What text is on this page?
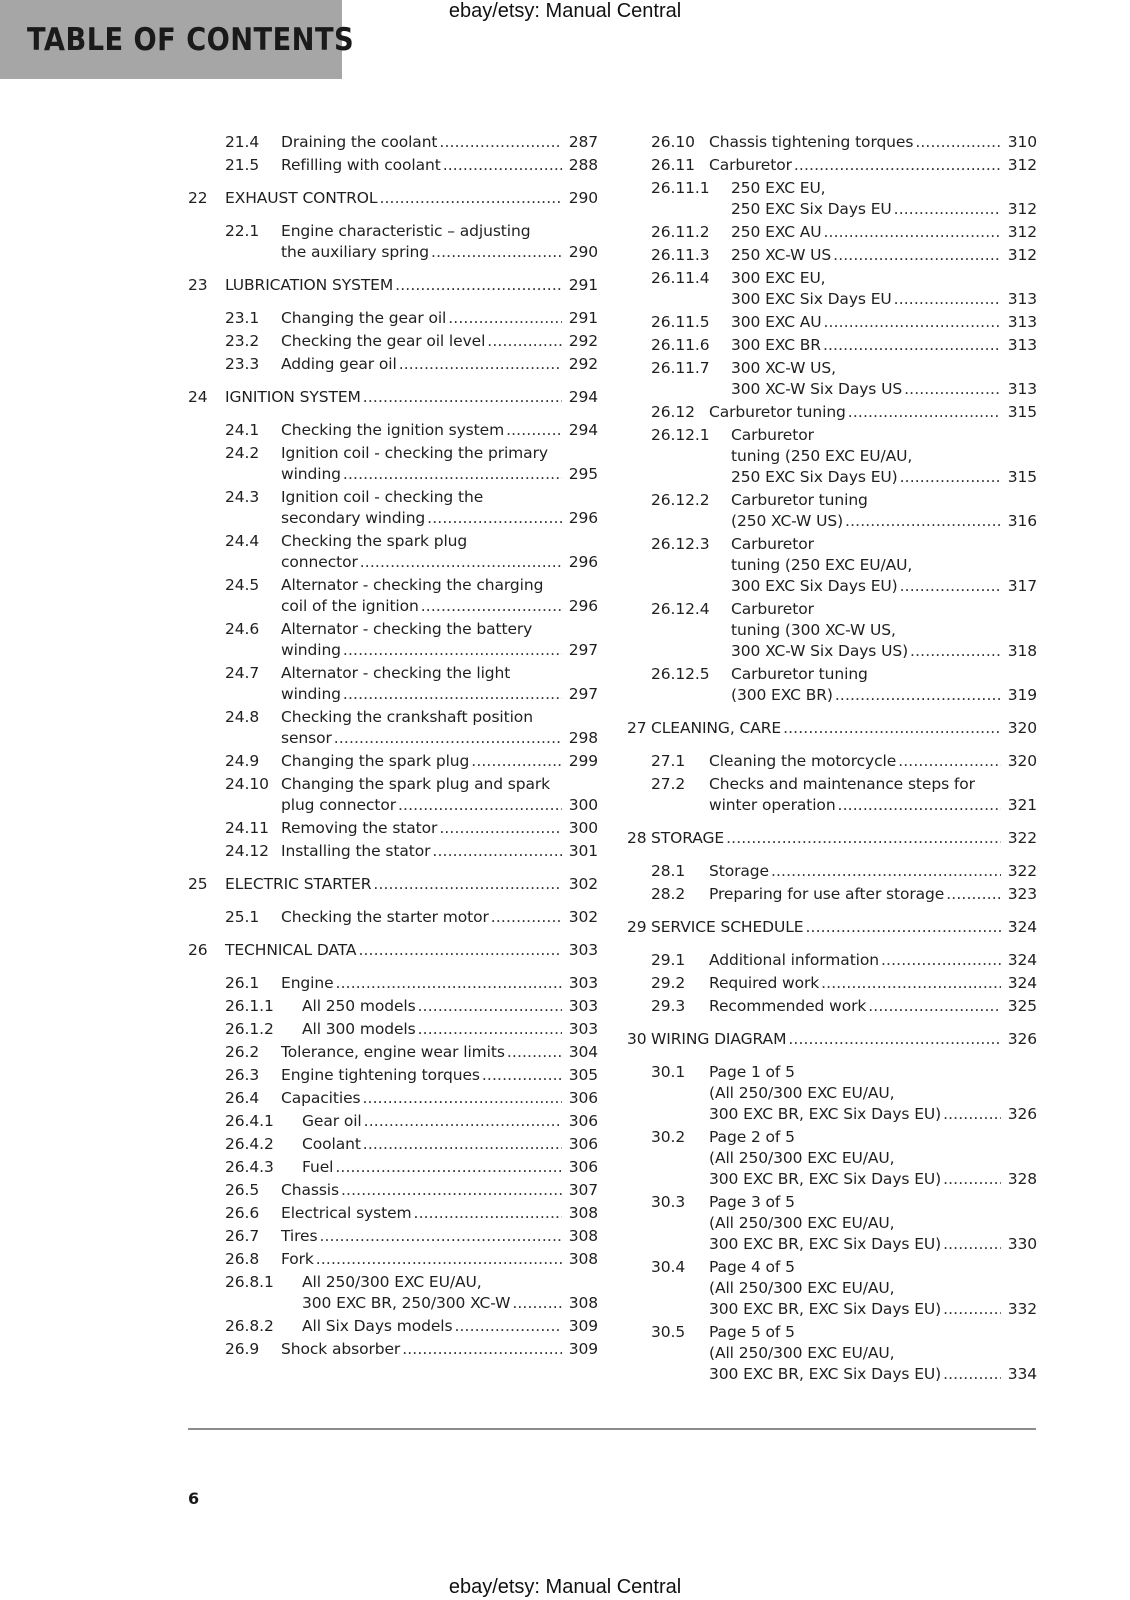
TABLE OF CONTENTS
ebay/etsy: Manual Central
21.4 Draining the coolant . . .	287
21.5 Refilling with coolant . . .	288
22 EXHAUST CONTROL . . .	290
22.1 Engine characteristic – adjusting
the auxiliary spring . . .	290
23 LUBRICATION SYSTEM . . .	291
23.1 Changing the gear oil . . .	291
23.2 Checking the gear oil level . . .	292
23.3 Adding gear oil . . .	292
24 IGNITION SYSTEM . . .	294
24.1 Checking the ignition system . . .	294
24.2 Ignition coil - checking the primary
winding . . .	295
24.3 Ignition coil - checking the
secondary winding . . .	296
24.4 Checking the spark plug
connector . . .	296
24.5 Alternator - checking the charging
coil of the ignition . . .	296
24.6 Alternator - checking the battery
winding . . .	297
24.7 Alternator - checking the light
winding . . .	297
24.8 Checking the crankshaft position
sensor . . .	298
24.9 Changing the spark plug . . .	299
24.10 Changing the spark plug and spark
plug connector . . .	300
24.11 Removing the stator . . .	300
24.12 Installing the stator . . .	301
25 ELECTRIC STARTER . . .	302
25.1 Checking the starter motor . . .	302
26 TECHNICAL DATA . . .	303
26.1 Engine . . .	303
26.1.1 All 250 models . . .	303
26.1.2 All 300 models . . .	303
26.2 Tolerance, engine wear limits . . .	304
26.3 Engine tightening torques . . .	305
26.4 Capacities . . .	306
26.4.1 Gear oil . . .	306
26.4.2 Coolant . . .	306
26.4.3 Fuel . . .	306
26.5 Chassis . . .	307
26.6 Electrical system . . .	308
26.7 Tires . . .	308
26.8 Fork . . .	308
26.8.1 All 250/300 EXC EU/AU,
300 EXC BR, 250/300 XC-W . . .	308
26.8.2 All Six Days models . . .	309
26.9 Shock absorber . . .	309
26.10 Chassis tightening torques . . .	310
26.11 Carburetor . . .	312
26.11.1 250 EXC EU,
250 EXC Six Days EU . . .	312
26.11.2 250 EXC AU . . .	312
26.11.3 250 XC-W US . . .	312
26.11.4 300 EXC EU,
300 EXC Six Days EU . . .	313
26.11.5 300 EXC AU . . .	313
26.11.6 300 EXC BR . . .	313
26.11.7 300 XC-W US,
300 XC-W Six Days US . . .	313
26.12 Carburetor tuning . . .	315
26.12.1 Carburetor
tuning (250 EXC EU/AU,
250 EXC Six Days EU) . . .	315
26.12.2 Carburetor tuning
(250 XC-W US) . . .	316
26.12.3 Carburetor
tuning (250 EXC EU/AU,
300 EXC Six Days EU) . . .	317
26.12.4 Carburetor
tuning (300 XC-W US,
300 XC-W Six Days US) . . .	318
26.12.5 Carburetor tuning
(300 EXC BR) . . .	319
27 CLEANING, CARE . . .	320
27.1 Cleaning the motorcycle . . .	320
27.2 Checks and maintenance steps for
winter operation . . .	321
28 STORAGE . . .	322
28.1 Storage . . .	322
28.2 Preparing for use after storage . . .	323
29 SERVICE SCHEDULE . . .	324
29.1 Additional information . . .	324
29.2 Required work . . .	324
29.3 Recommended work . . .	325
30 WIRING DIAGRAM . . .	326
30.1 Page 1 of 5
(All 250/300 EXC EU/AU,
300 EXC BR, EXC Six Days EU) . . .	326
30.2 Page 2 of 5
(All 250/300 EXC EU/AU,
300 EXC BR, EXC Six Days EU) . . .	328
30.3 Page 3 of 5
(All 250/300 EXC EU/AU,
300 EXC BR, EXC Six Days EU) . . .	330
30.4 Page 4 of 5
(All 250/300 EXC EU/AU,
300 EXC BR, EXC Six Days EU) . . .	332
30.5 Page 5 of 5
(All 250/300 EXC EU/AU,
300 EXC BR, EXC Six Days EU) . . .	334
6
ebay/etsy: Manual Central
